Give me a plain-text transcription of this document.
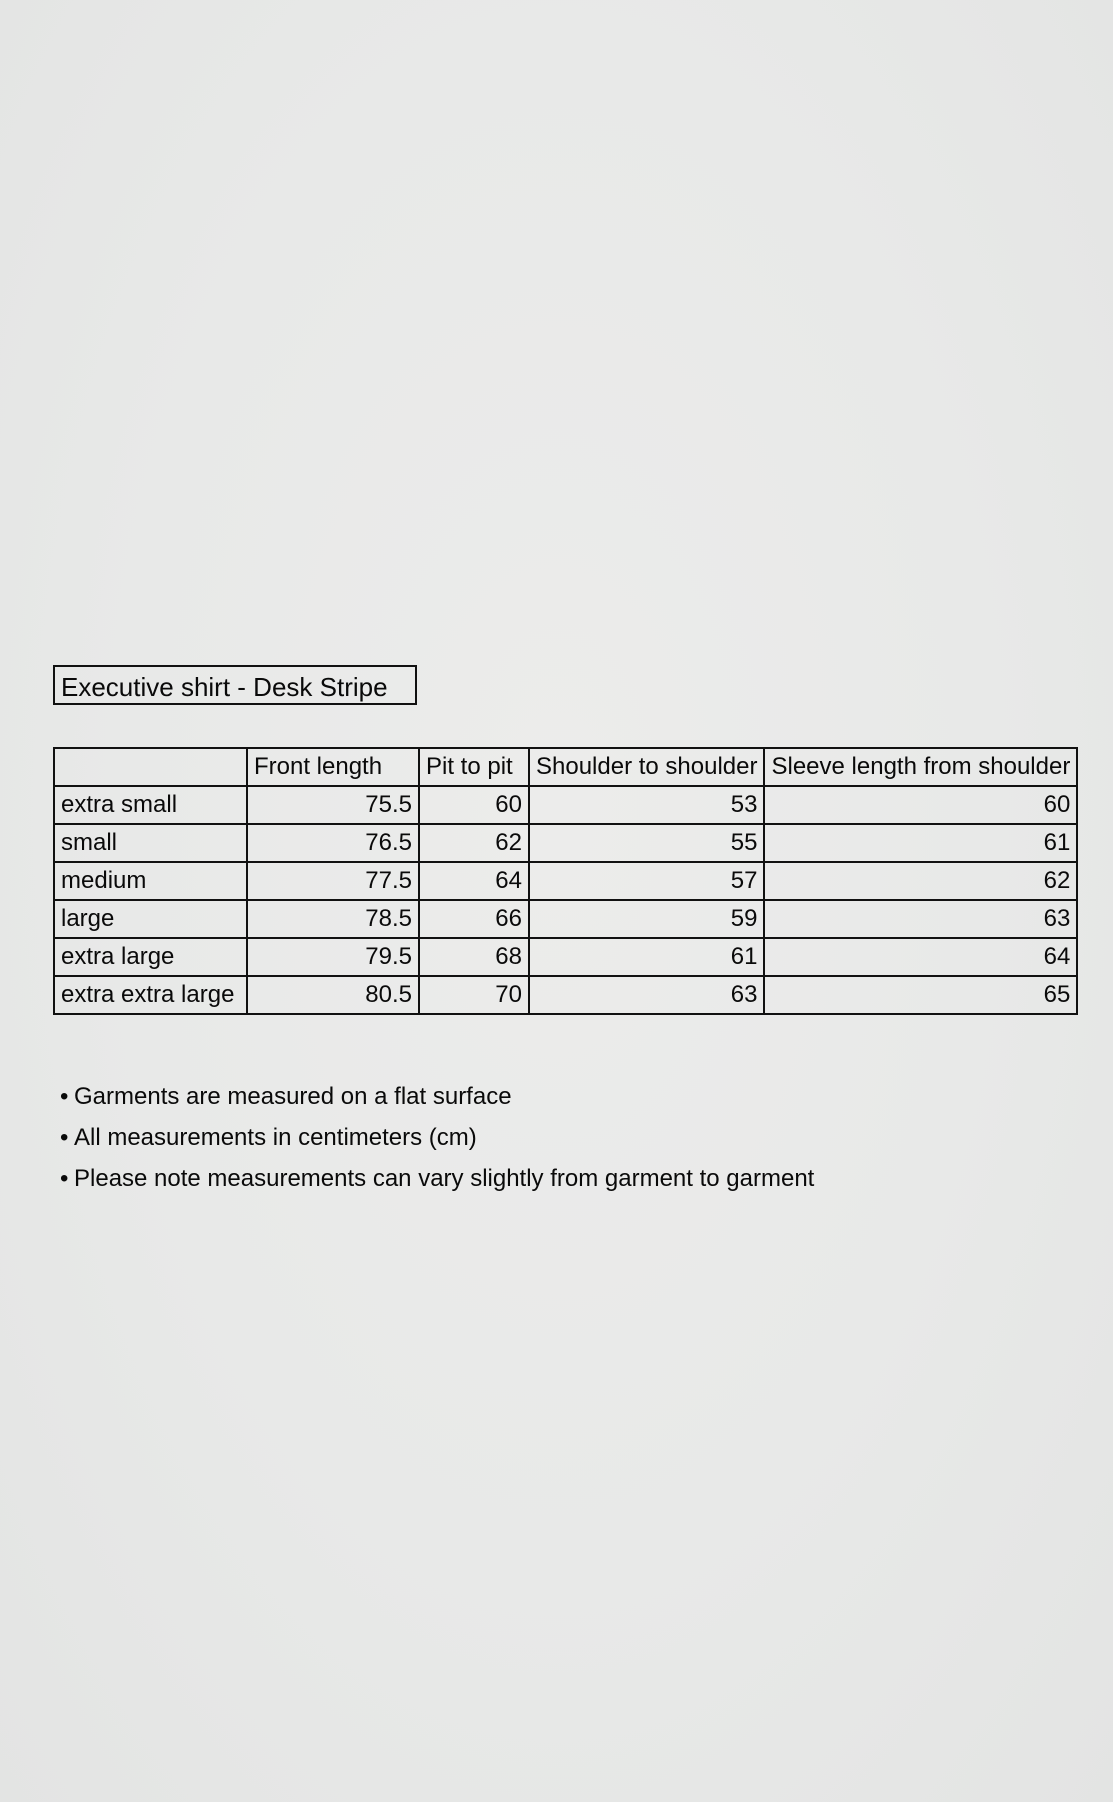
Executive shirt - Desk Stripe
	Front length	Pit to pit	Shoulder to shoulder	Sleeve length from shoulder
extra small	75.5	60	53	60
small	76.5	62	55	61
medium	77.5	64	57	62
large	78.5	66	59	63
extra large	79.5	68	61	64
extra extra large	80.5	70	63	65
• Garments are measured on a flat surface
• All measurements in centimeters (cm)
• Please note measurements can vary slightly from garment to garment
